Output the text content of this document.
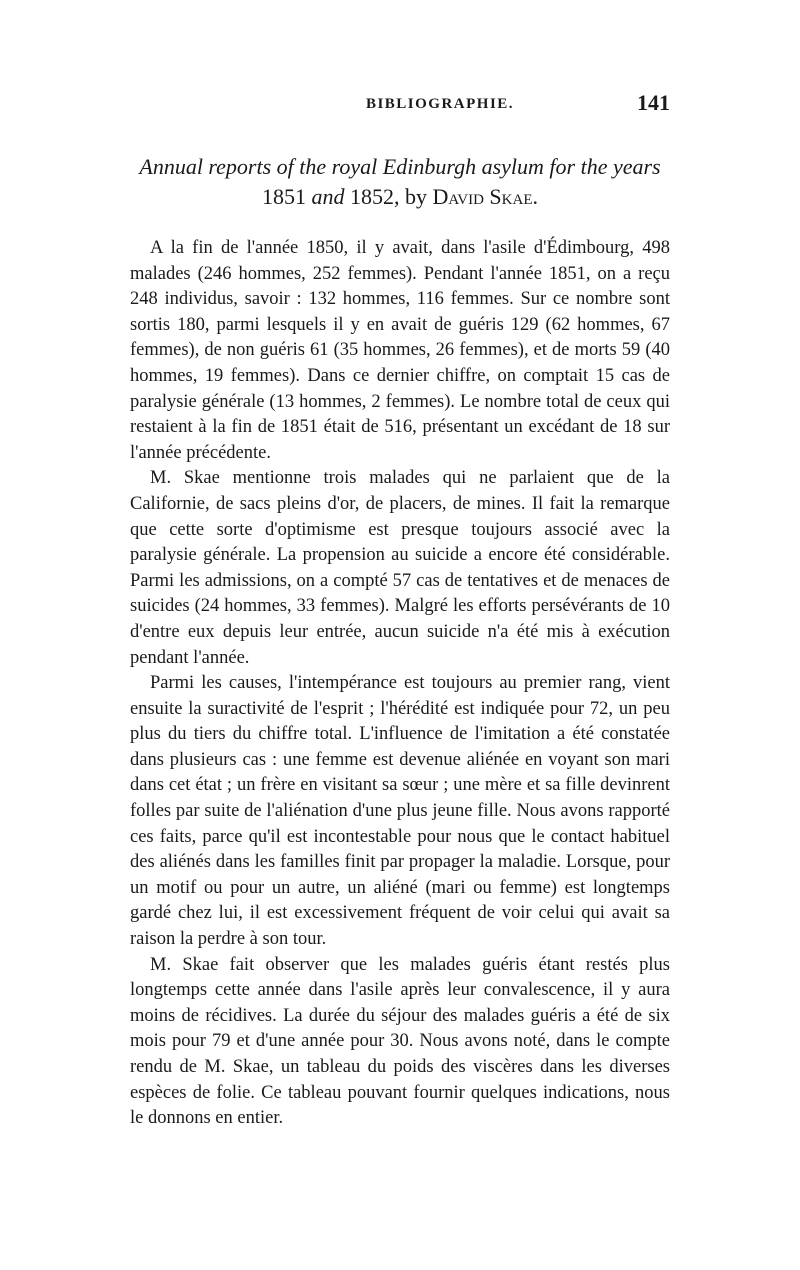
BIBLIOGRAPHIE.	141
Annual reports of the royal Edinburgh asylum for the years
1851 and 1852, by David Skae.

A la fin de l'année 1850, il y avait, dans l'asile d'Édimbourg, 498 malades (246 hommes, 252 femmes). Pendant l'année 1851, on a reçu 248 individus, savoir : 132 hommes, 116 femmes. Sur ce nombre sont sortis 180, parmi lesquels il y en avait de guéris 129 (62 hommes, 67 femmes), de non guéris 61 (35 hommes, 26 femmes), et de morts 59 (40 hommes, 19 femmes). Dans ce dernier chiffre, on comptait 15 cas de paralysie générale (13 hommes, 2 femmes). Le nombre total de ceux qui restaient à la fin de 1851 était de 516, présentant un excédant de 18 sur l'année précédente.

M. Skae mentionne trois malades qui ne parlaient que de la Californie, de sacs pleins d'or, de placers, de mines. Il fait la remarque que cette sorte d'optimisme est presque toujours associé avec la paralysie générale. La propension au suicide a encore été considérable. Parmi les admissions, on a compté 57 cas de tentatives et de menaces de suicides (24 hommes, 33 femmes). Malgré les efforts persévérants de 10 d'entre eux depuis leur entrée, aucun suicide n'a été mis à exécution pendant l'année.

Parmi les causes, l'intempérance est toujours au premier rang, vient ensuite la suractivité de l'esprit ; l'hérédité est indiquée pour 72, un peu plus du tiers du chiffre total. L'influence de l'imitation a été constatée dans plusieurs cas : une femme est devenue aliénée en voyant son mari dans cet état ; un frère en visitant sa sœur ; une mère et sa fille devinrent folles par suite de l'aliénation d'une plus jeune fille. Nous avons rapporté ces faits, parce qu'il est incontestable pour nous que le contact habituel des aliénés dans les familles finit par propager la maladie. Lorsque, pour un motif ou pour un autre, un aliéné (mari ou femme) est longtemps gardé chez lui, il est excessivement fréquent de voir celui qui avait sa raison la perdre à son tour.

M. Skae fait observer que les malades guéris étant restés plus longtemps cette année dans l'asile après leur convalescence, il y aura moins de récidives. La durée du séjour des malades guéris a été de six mois pour 79 et d'une année pour 30. Nous avons noté, dans le compte rendu de M. Skae, un tableau du poids des viscères dans les diverses espèces de folie. Ce tableau pouvant fournir quelques indications, nous le donnons en entier.
